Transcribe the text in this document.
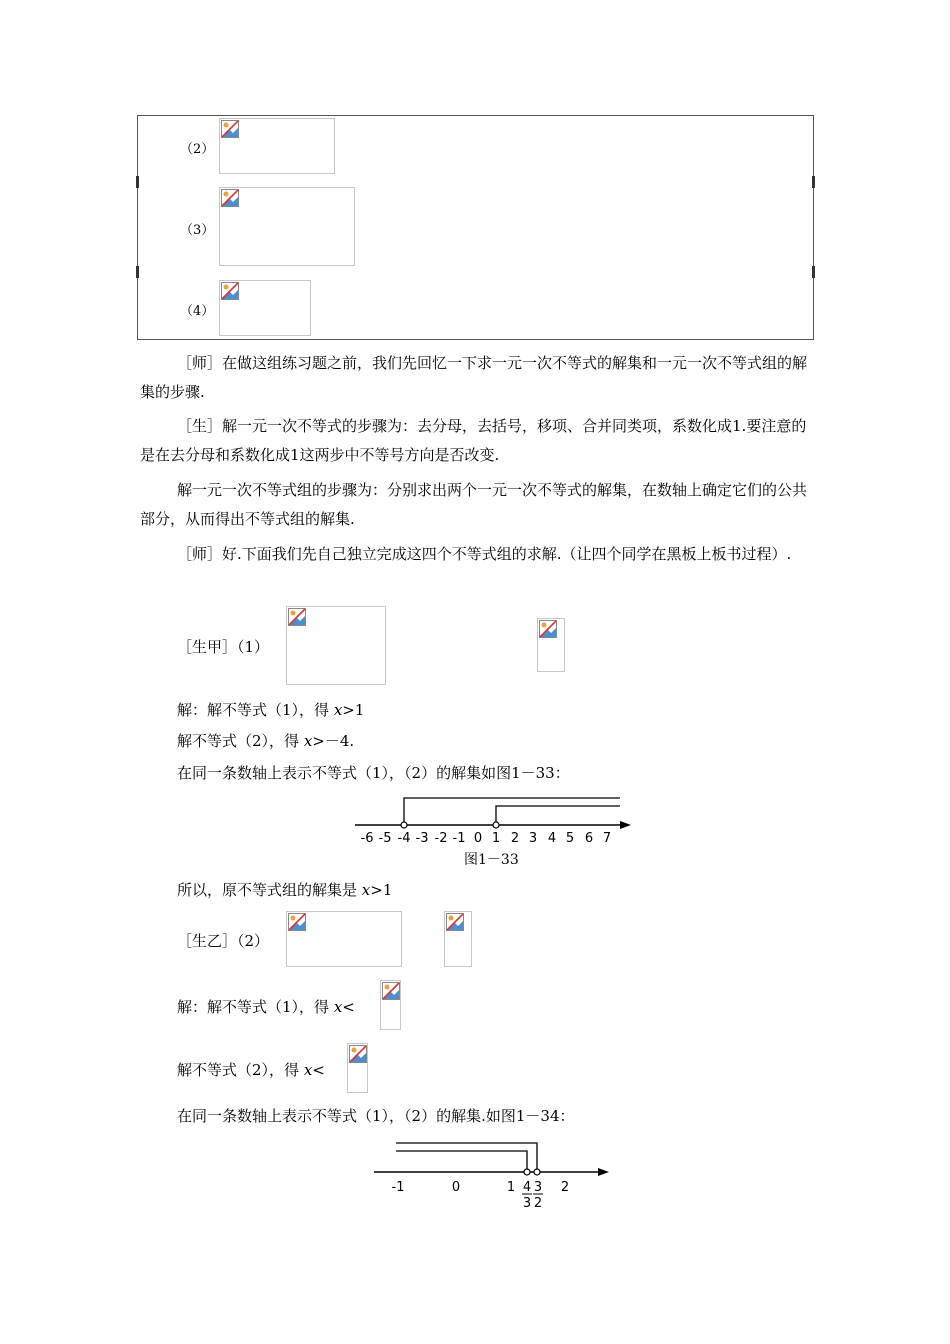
（2）
（3）
（4）
［师］在做这组练习题之前，我们先回忆一下求一元一次不等式的解集和一元一次不等式组的解集的步骤.
［生］解一元一次不等式的步骤为：去分母，去括号，移项、合并同类项，系数化成1.要注意的是在去分母和系数化成1这两步中不等号方向是否改变.
解一元一次不等式组的步骤为：分别求出两个一元一次不等式的解集，在数轴上确定它们的公共部分，从而得出不等式组的解集.
［师］好.下面我们先自己独立完成这四个不等式组的求解.（让四个同学在黑板上板书过程）.
［生甲］（1）
解：解不等式（1），得 x>1
解不等式（2），得 x>－4.
在同一条数轴上表示不等式（1），（2）的解集如图1－33：
-6 -5 -4 -3 -2 -1 0 1 2 3 4 5 6 7
图1－33
所以，原不等式组的解集是 x>1
［生乙］（2）
解：解不等式（1），得 x<
解不等式（2），得 x<
在同一条数轴上表示不等式（1），（2）的解集.如图1－34：
-1	0	1	2
4
3
3
2
